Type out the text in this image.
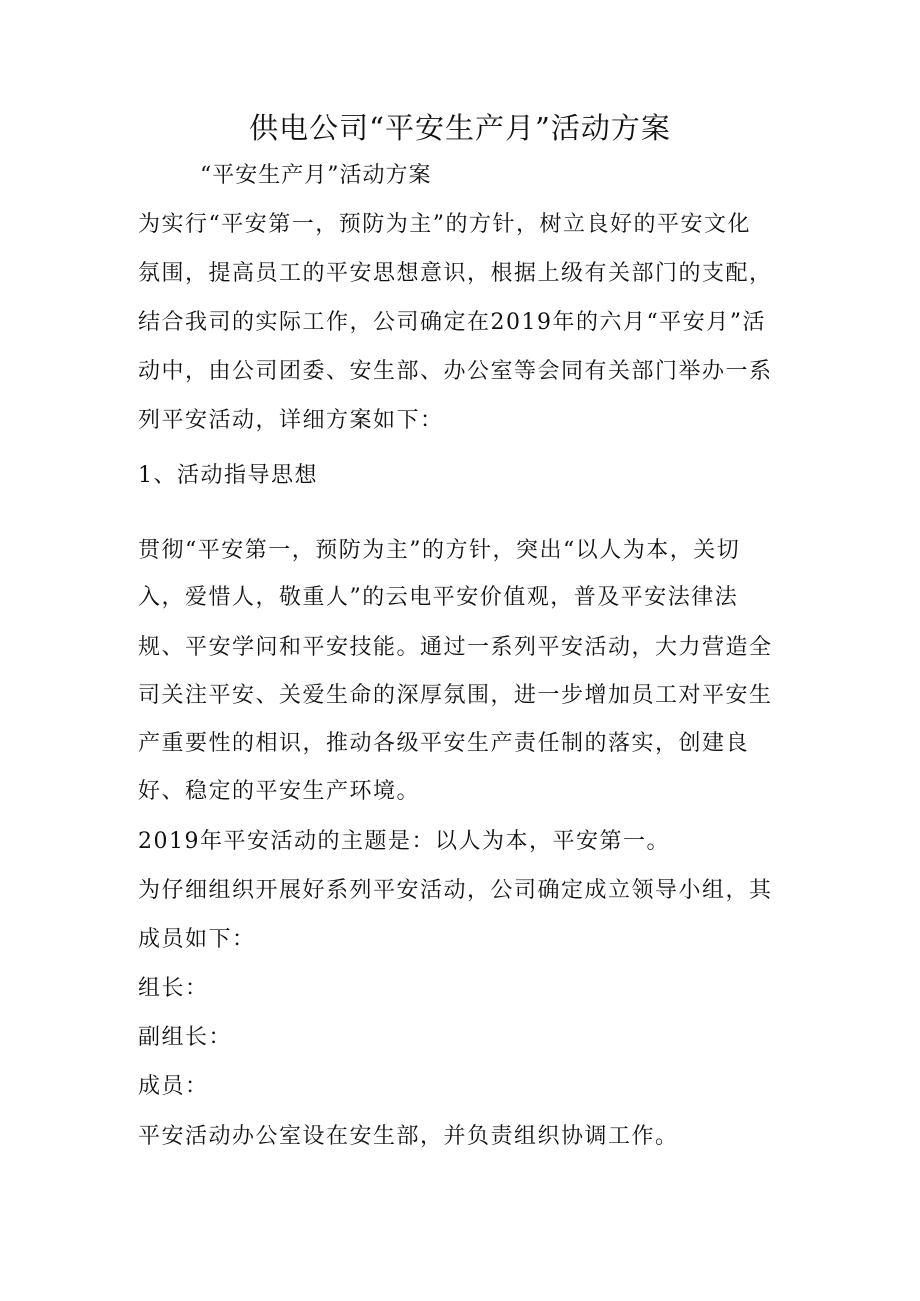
供电公司“平安生产月”活动方案
“平安生产月”活动方案
为实行“平安第一，预防为主”的方针，树立良好的平安文化
氛围，提高员工的平安思想意识，根据上级有关部门的支配，
结合我司的实际工作，公司确定在2019年的六月“平安月”活
动中，由公司团委、安生部、办公室等会同有关部门举办一系
列平安活动，详细方案如下：
1、活动指导思想
贯彻“平安第一，预防为主”的方针，突出“以人为本，关切
入，爱惜人，敬重人”的云电平安价值观，普及平安法律法
规、平安学问和平安技能。通过一系列平安活动，大力营造全
司关注平安、关爱生命的深厚氛围，进一步增加员工对平安生
产重要性的相识，推动各级平安生产责任制的落实，创建良
好、稳定的平安生产环境。
2019年平安活动的主题是：以人为本，平安第一。
为仔细组织开展好系列平安活动，公司确定成立领导小组，其
成员如下：
组长：
副组长：
成员：
平安活动办公室设在安生部，并负责组织协调工作。
